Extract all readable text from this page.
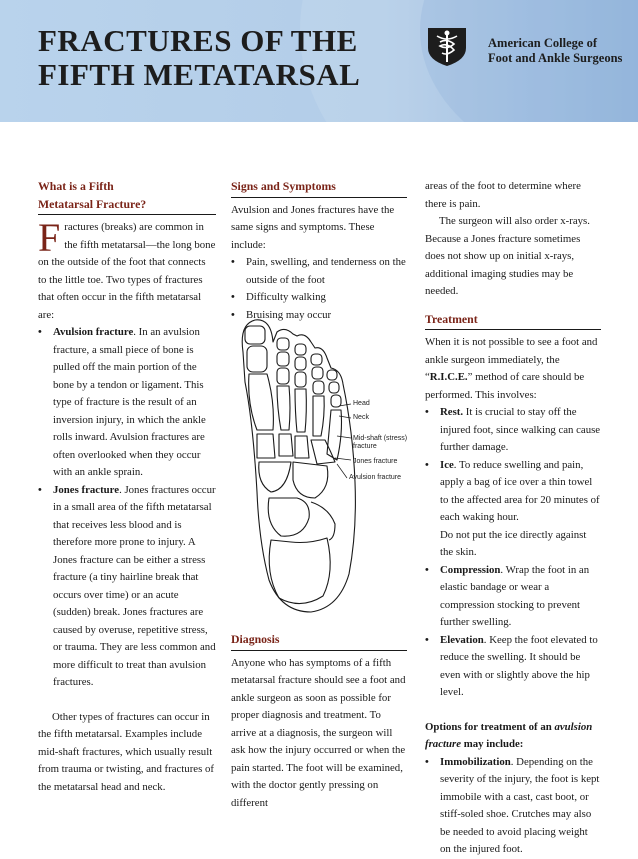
FRACTURES OF THE
FIFTH METATARSAL
American College of
Foot and Ankle Surgeons
What is a Fifth
Metatarsal Fracture?

Fractures (breaks) are common in the fifth metatarsal—the long bone on the outside of the foot that connects to the little toe. Two types of fractures that often occur in the fifth metatarsal are:

• Avulsion fracture. In an avulsion fracture, a small piece of bone is pulled off the main portion of the bone by a tendon or ligament. This type of fracture is the result of an inversion injury, in which the ankle rolls inward. Avulsion fractures are often overlooked when they occur with an ankle sprain.
• Jones fracture. Jones fractures occur in a small area of the fifth metatarsal that receives less blood and is therefore more prone to injury. A Jones fracture can be either a stress fracture (a tiny hairline break that occurs over time) or an acute (sudden) break. Jones fractures are caused by overuse, repetitive stress, or trauma. They are less common and more difficult to treat than avulsion fractures.

Other types of fractures can occur in the fifth metatarsal. Examples include mid-shaft fractures, which usually result from trauma or twisting, and fractures of the metatarsal head and neck.

Signs and Symptoms

Avulsion and Jones fractures have the same signs and symptoms. These include:

• Pain, swelling, and tenderness on the outside of the foot
• Difficulty walking
• Bruising may occur
Head
Neck
Mid-shaft (stress)
fracture
Jones fracture
Avulsion fracture
Diagnosis

Anyone who has symptoms of a fifth metatarsal fracture should see a foot and ankle surgeon as soon as possible for proper diagnosis and treatment. To arrive at a diagnosis, the surgeon will ask how the injury occurred or when the pain started. The foot will be examined, with the doctor gently pressing on different

areas of the foot to determine where there is pain.

The surgeon will also order x-rays. Because a Jones fracture sometimes does not show up on initial x-rays, additional imaging studies may be needed.

Treatment

When it is not possible to see a foot and ankle surgeon immediately, the “R.I.C.E.” method of care should be performed. This involves:

• Rest. It is crucial to stay off the injured foot, since walking can cause further damage.
• Ice. To reduce swelling and pain, apply a bag of ice over a thin towel to the affected area for 20 minutes of each waking hour.
Do not put the ice directly against the skin.
• Compression. Wrap the foot in an elastic bandage or wear a compression stocking to prevent further swelling.
• Elevation. Keep the foot elevated to reduce the swelling. It should be even with or slightly above the hip level.

Options for treatment of an avulsion fracture may include:

• Immobilization. Depending on the severity of the injury, the foot is kept immobile with a cast, cast boot, or stiff-soled shoe. Crutches may also be needed to avoid placing weight on the injured foot.
